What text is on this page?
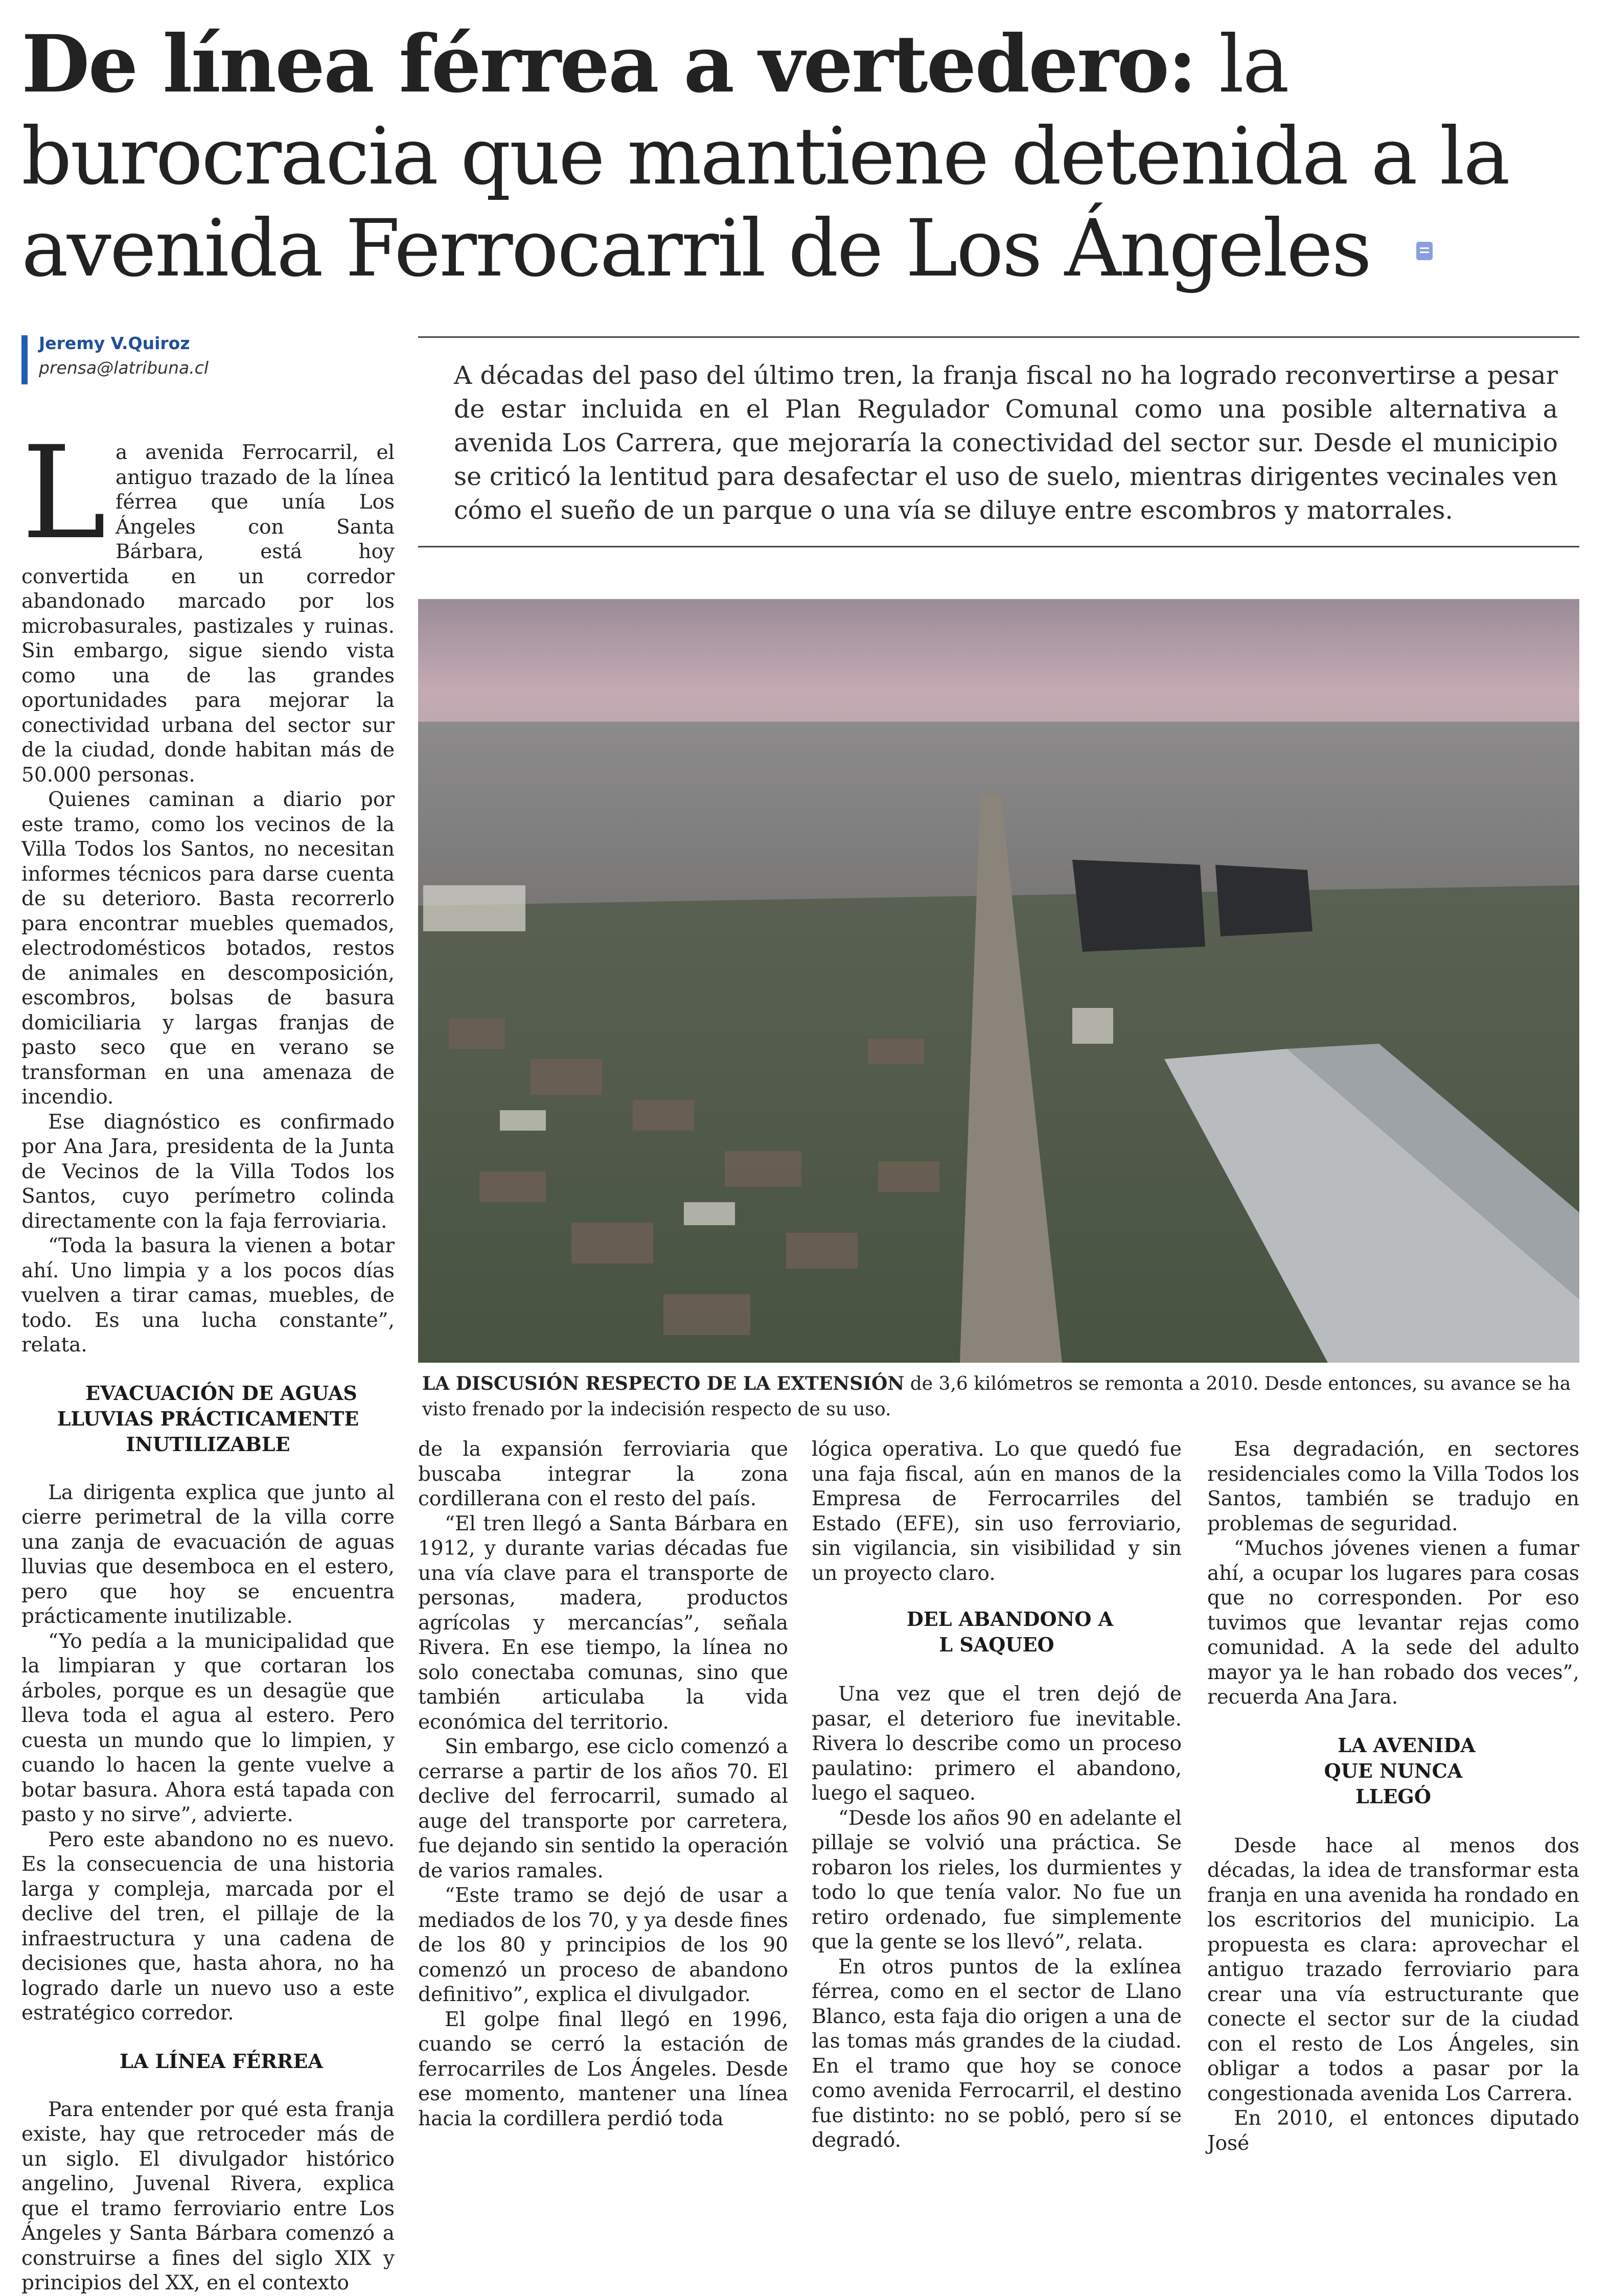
De línea férrea a vertedero: la burocracia que mantiene detenida a la avenida Ferrocarril de Los Ángeles
Jeremy V.Quiroz
prensa@latribuna.cl	A décadas del paso del último tren, la franja fiscal no ha logrado reconvertirse a pesar de estar incluida en el Plan Regulador Comunal como una posible alternativa a avenida Los Carrera, que mejoraría la conectividad del sector sur. Desde el municipio se criticó la lentitud para desafectar el uso de suelo, mientras dirigentes vecinales ven cómo el sueño de un parque o una vía se diluye entre escombros y matorrales.

La avenida Ferrocarril, el antiguo trazado de la línea férrea que unía Los Ángeles con Santa Bárbara, está hoy convertida en un corredor abandonado marcado por los microbasurales, pastizales y ruinas. Sin embargo, sigue siendo vista como una de las grandes oportunidades para mejorar la conectividad urbana del sector sur de la ciudad, donde habitan más de 50.000 personas.

Quienes caminan a diario por este tramo, como los vecinos de la Villa Todos los Santos, no necesitan informes técnicos para darse cuenta de su deterioro. Basta recorrerlo para encontrar muebles quemados, electrodomésticos botados, restos de animales en descomposición, escombros, bolsas de basura domiciliaria y largas franjas de pasto seco que en verano se transforman en una amenaza de incendio.

Ese diagnóstico es confirmado por Ana Jara, presidenta de la Junta de Vecinos de la Villa Todos los Santos, cuyo perímetro colinda directamente con la faja ferroviaria.

“Toda la basura la vienen a botar ahí. Uno limpia y a los pocos días vuelven a tirar camas, muebles, de todo. Es una lucha constante”, relata.

EVACUACIÓN DE AGUAS LLUVIAS PRÁCTICAMENTE INUTILIZABLE

La dirigenta explica que junto al cierre perimetral de la villa corre una zanja de evacuación de aguas lluvias que desemboca en el estero, pero que hoy se encuentra prácticamente inutilizable.

“Yo pedía a la municipalidad que la limpiaran y que cortaran los árboles, porque es un desagüe que lleva toda el agua al estero. Pero cuesta un mundo que lo limpien, y cuando lo hacen la gente vuelve a botar basura. Ahora está tapada con pasto y no sirve”, advierte.

Pero este abandono no es nuevo. Es la consecuencia de una historia larga y compleja, marcada por el declive del tren, el pillaje de la infraestructura y una cadena de decisiones que, hasta ahora, no ha logrado darle un nuevo uso a este estratégico corredor.

LA LÍNEA FÉRREA

Para entender por qué esta franja existe, hay que retroceder más de un siglo. El divulgador histórico angelino, Juvenal Rivera, explica que el tramo ferroviario entre Los Ángeles y Santa Bárbara comenzó a construirse a fines del siglo XIX y principios del XX, en el contexto

LA DISCUSIÓN RESPECTO DE LA EXTENSIÓN de 3,6 kilómetros se remonta a 2010. Desde entonces, su avance se ha visto frenado por la indecisión respecto de su uso.

de la expansión ferroviaria que buscaba integrar la zona cordillerana con el resto del país.

“El tren llegó a Santa Bárbara en 1912, y durante varias décadas fue una vía clave para el transporte de personas, madera, productos agrícolas y mercancías”, señala Rivera. En ese tiempo, la línea no solo conectaba comunas, sino que también articulaba la vida económica del territorio.

Sin embargo, ese ciclo comenzó a cerrarse a partir de los años 70. El declive del ferrocarril, sumado al auge del transporte por carretera, fue dejando sin sentido la operación de varios ramales.

“Este tramo se dejó de usar a mediados de los 70, y ya desde fines de los 80 y principios de los 90 comenzó un proceso de abandono definitivo”, explica el divulgador.

El golpe final llegó en 1996, cuando se cerró la estación de ferrocarriles de Los Ángeles. Desde ese momento, mantener una línea hacia la cordillera perdió toda

lógica operativa. Lo que quedó fue una faja fiscal, aún en manos de la Empresa de Ferrocarriles del Estado (EFE), sin uso ferroviario, sin vigilancia, sin visibilidad y sin un proyecto claro.

DEL ABANDONO A L SAQUEO

Una vez que el tren dejó de pasar, el deterioro fue inevitable. Rivera lo describe como un proceso paulatino: primero el abandono, luego el saqueo.

“Desde los años 90 en adelante el pillaje se volvió una práctica. Se robaron los rieles, los durmientes y todo lo que tenía valor. No fue un retiro ordenado, fue simplemente que la gente se los llevó”, relata.

En otros puntos de la exlínea férrea, como en el sector de Llano Blanco, esta faja dio origen a una de las tomas más grandes de la ciudad. En el tramo que hoy se conoce como avenida Ferrocarril, el destino fue distinto: no se pobló, pero sí se degradó.

Esa degradación, en sectores residenciales como la Villa Todos los Santos, también se tradujo en problemas de seguridad.

“Muchos jóvenes vienen a fumar ahí, a ocupar los lugares para cosas que no corresponden. Por eso tuvimos que levantar rejas como comunidad. A la sede del adulto mayor ya le han robado dos veces”, recuerda Ana Jara.

LA AVENIDA QUE NUNCA LLEGÓ

Desde hace al menos dos décadas, la idea de transformar esta franja en una avenida ha rondado en los escritorios del municipio. La propuesta es clara: aprovechar el antiguo trazado ferroviario para crear una vía estructurante que conecte el sector sur de la ciudad con el resto de Los Ángeles, sin obligar a todos a pasar por la congestionada avenida Los Carrera.

En 2010, el entonces diputado José
